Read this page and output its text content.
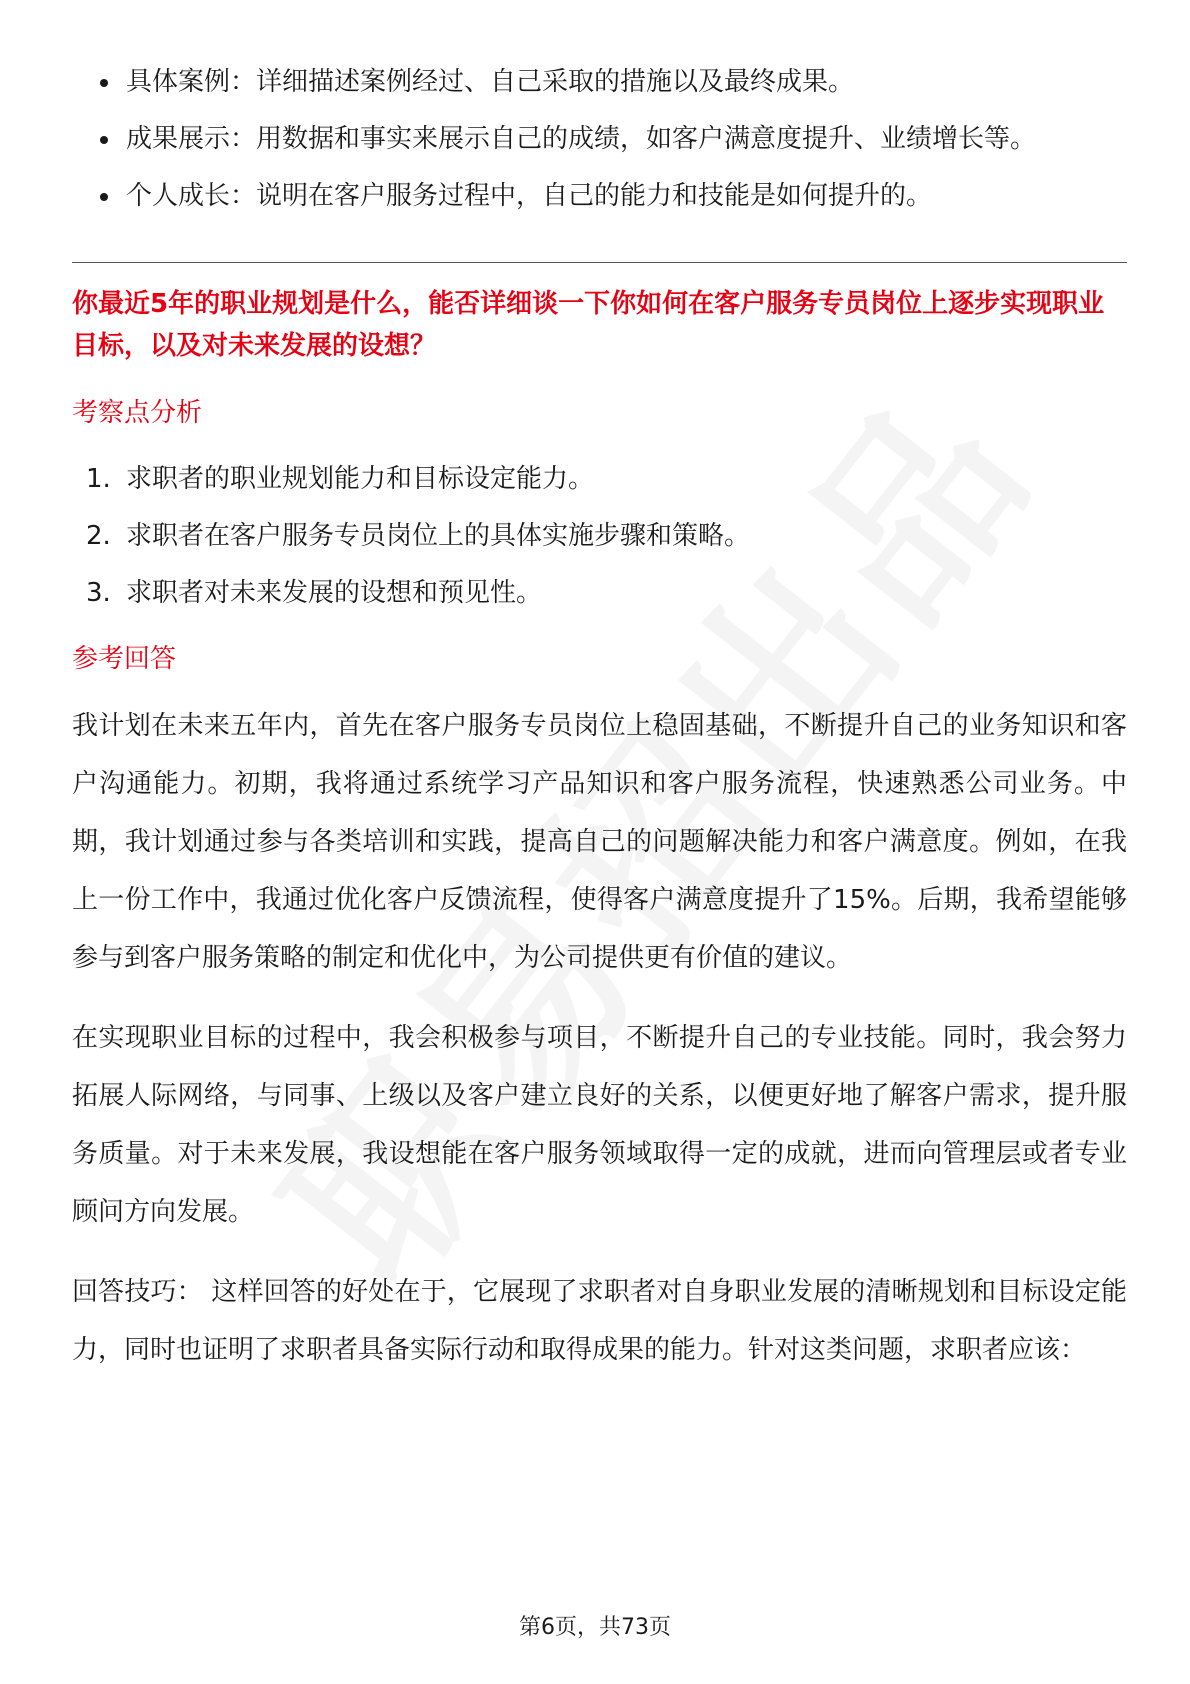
具体案例：详细描述案例经过、自己采取的措施以及最终成果。
成果展示：用数据和事实来展示自己的成绩，如客户满意度提升、业绩增长等。
个人成长：说明在客户服务过程中，自己的能力和技能是如何提升的。
你最近5年的职业规划是什么，能否详细谈一下你如何在客户服务专员岗位上逐步实现职业目标，以及对未来发展的设想？
考察点分析
1. 求职者的职业规划能力和目标设定能力。
2. 求职者在客户服务专员岗位上的具体实施步骤和策略。
3. 求职者对未来发展的设想和预见性。
参考回答

我计划在未来五年内，首先在客户服务专员岗位上稳固基础，不断提升自己的业务知识和客户沟通能力。初期，我将通过系统学习产品知识和客户服务流程，快速熟悉公司业务。中期，我计划通过参与各类培训和实践，提高自己的问题解决能力和客户满意度。例如，在我上一份工作中，我通过优化客户反馈流程，使得客户满意度提升了15%。后期，我希望能够参与到客户服务策略的制定和优化中，为公司提供更有价值的建议。

在实现职业目标的过程中，我会积极参与项目，不断提升自己的专业技能。同时，我会努力拓展人际网络，与同事、上级以及客户建立良好的关系，以便更好地了解客户需求，提升服务质量。对于未来发展，我设想能在客户服务领域取得一定的成就，进而向管理层或者专业顾问方向发展。

回答技巧： 这样回答的好处在于，它展现了求职者对自身职业发展的清晰规划和目标设定能力，同时也证明了求职者具备实际行动和取得成果的能力。针对这类问题，求职者应该：

第6页，共73页
